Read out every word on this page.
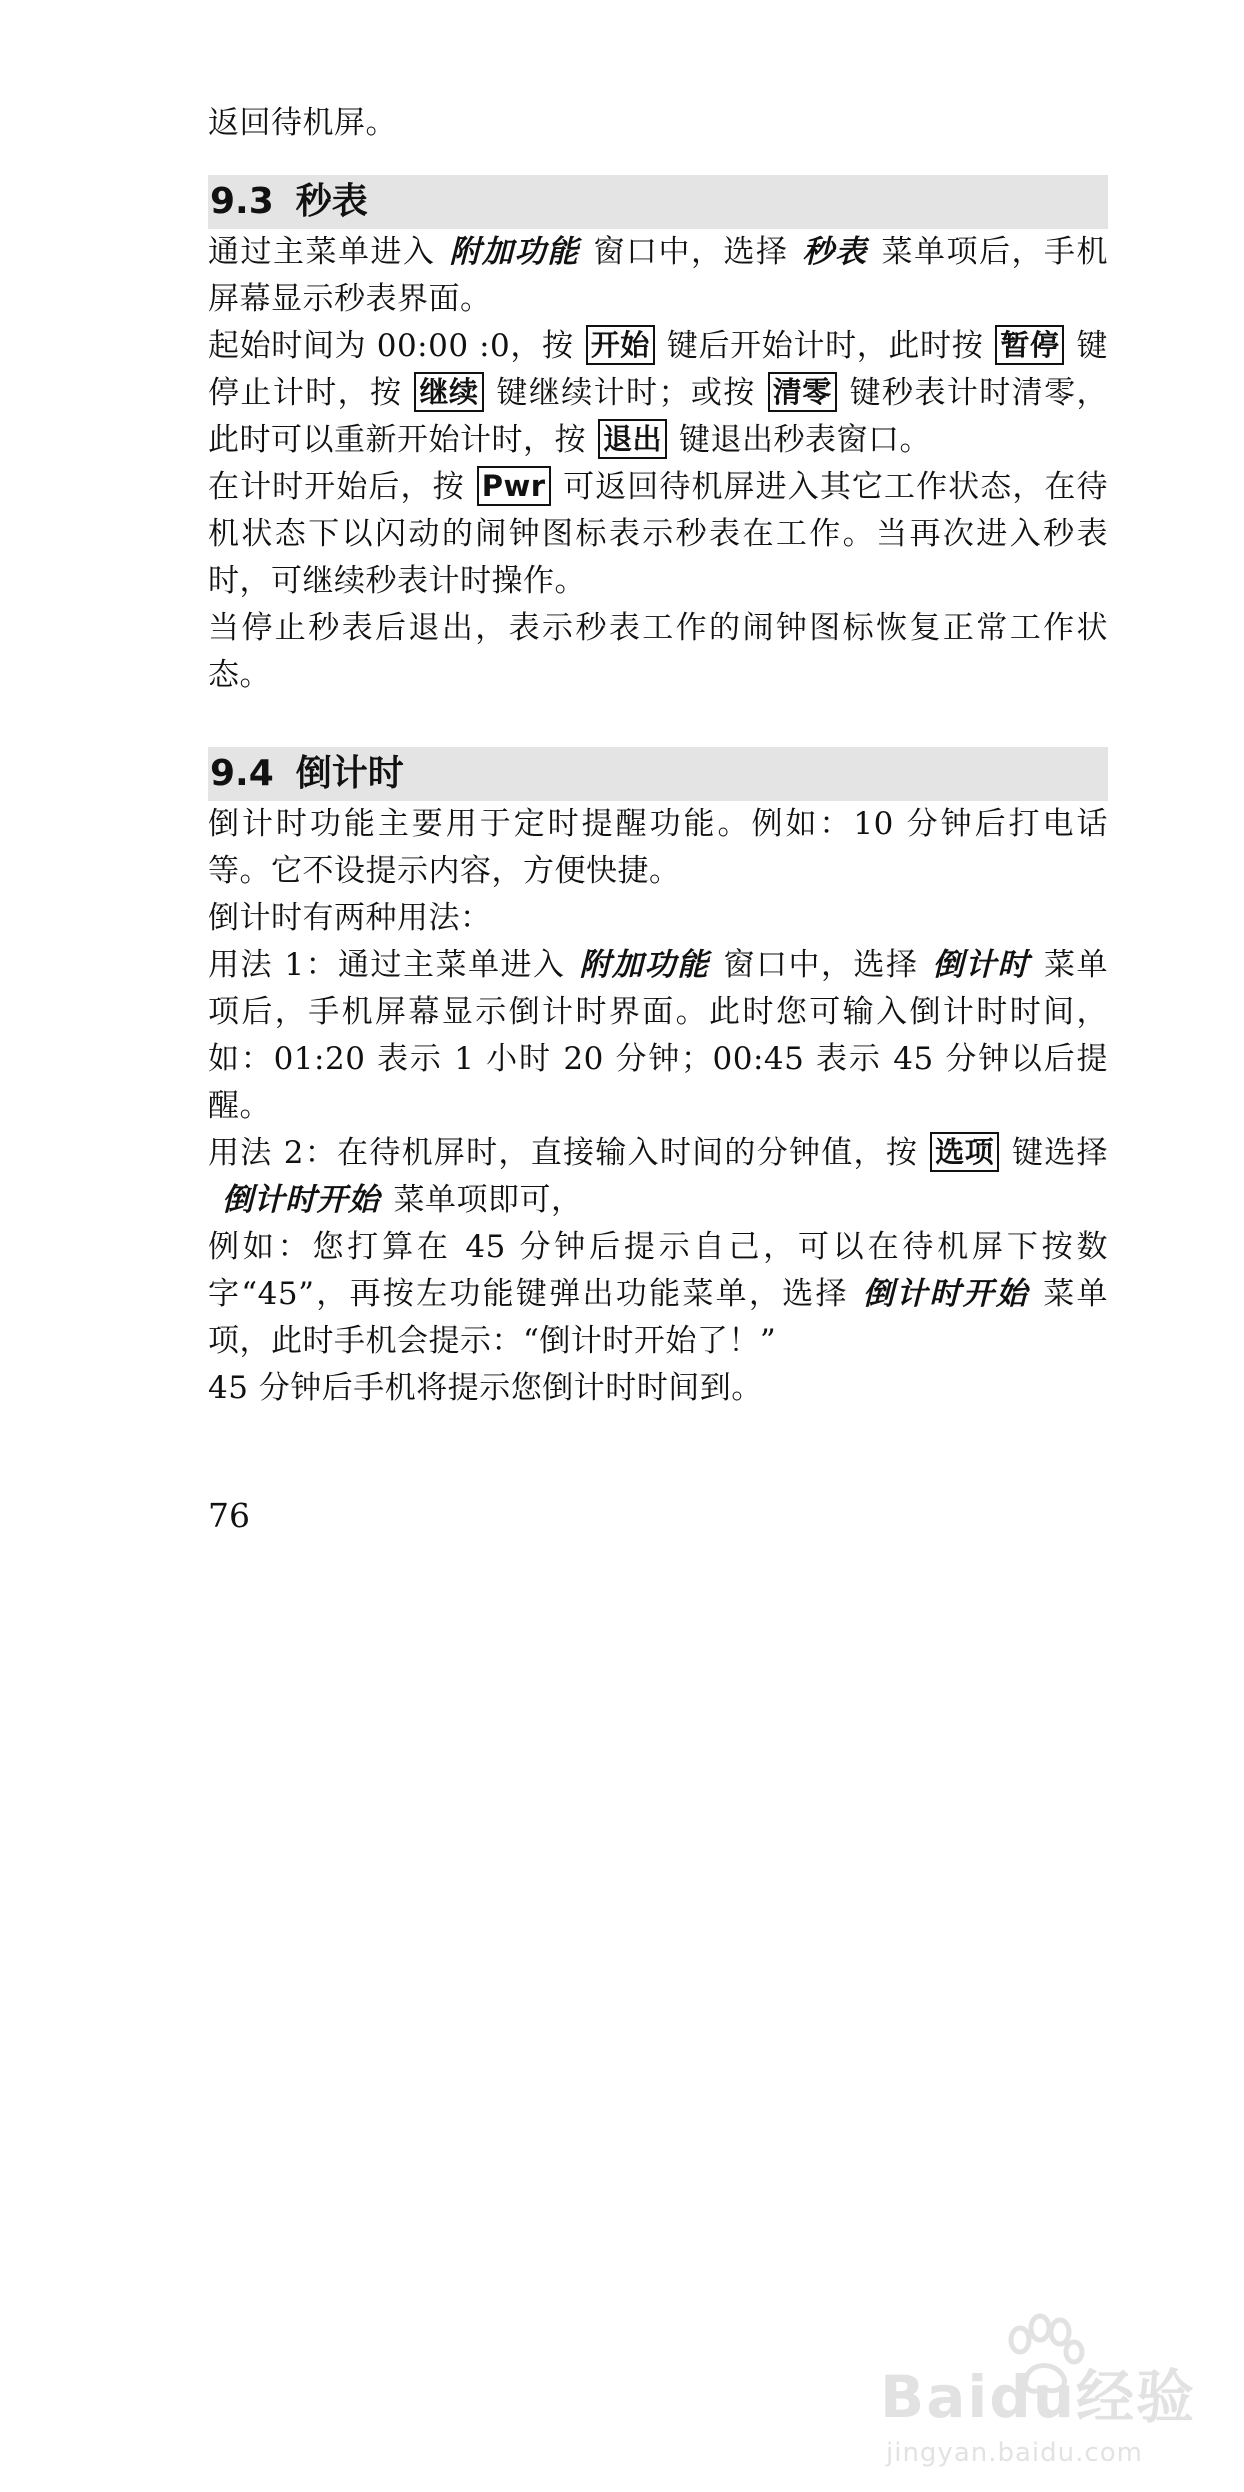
返回待机屏。

9.3 秒表

通过主菜单进入 附加功能 窗口中，选择 秒表 菜单项后，手机屏幕显示秒表界面。

起始时间为 00:00 :0，按 开始 键后开始计时，此时按 暂停 键停止计时，按 继续 键继续计时；或按 清零 键秒表计时清零，此时可以重新开始计时，按 退出 键退出秒表窗口。

在计时开始后，按 Pwr 可返回待机屏进入其它工作状态，在待机状态下以闪动的闹钟图标表示秒表在工作。当再次进入秒表时，可继续秒表计时操作。

当停止秒表后退出，表示秒表工作的闹钟图标恢复正常工作状态。

9.4 倒计时

倒计时功能主要用于定时提醒功能。例如：10 分钟后打电话等。它不设提示内容，方便快捷。

倒计时有两种用法：

用法 1：通过主菜单进入 附加功能 窗口中，选择 倒计时 菜单项后，手机屏幕显示倒计时界面。此时您可输入倒计时时间，如：01:20 表示 1 小时 20 分钟；00:45 表示 45 分钟以后提醒。

用法 2：在待机屏时，直接输入时间的分钟值，按 选项 键选择倒计时开始 菜单项即可，

例如：您打算在 45 分钟后提示自己，可以在待机屏下按数字“45”，再按左功能键弹出功能菜单，选择 倒计时开始 菜单项，此时手机会提示：“倒计时开始了！”

45 分钟后手机将提示您倒计时时间到。

76
Baidu经验
jingyan.baidu.com
